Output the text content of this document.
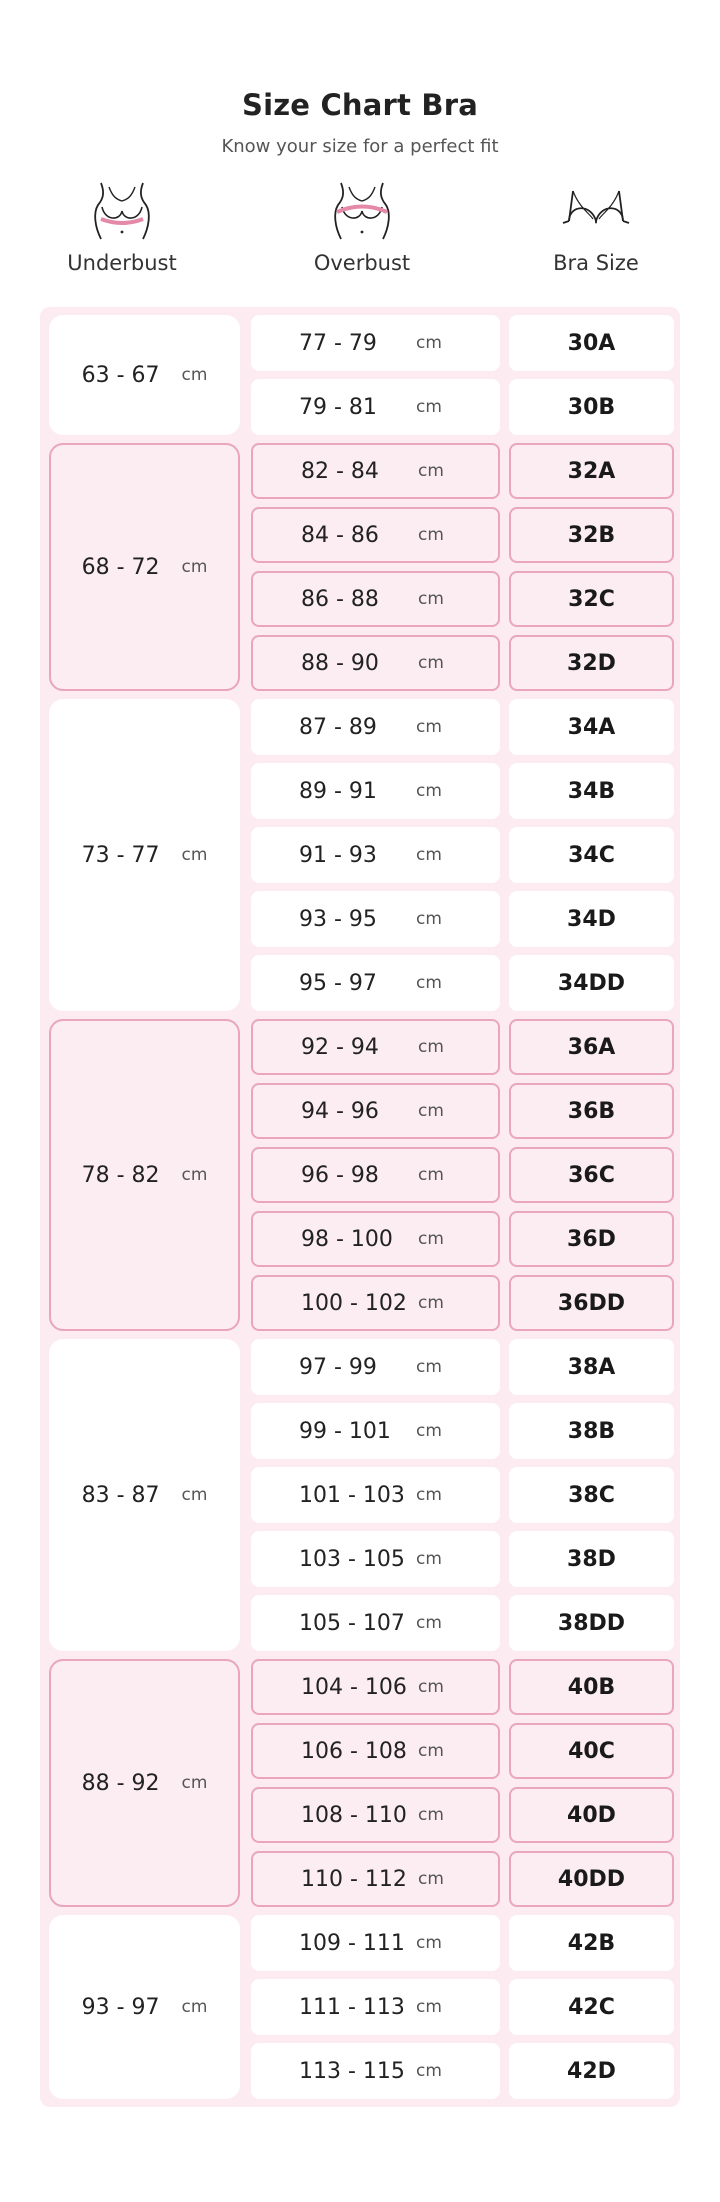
Size Chart Bra
Know your size for a perfect fit
Underbust	Overbust	Bra Size
63 - 67 cm
77 - 79 cm	30A
79 - 81 cm	30B
68 - 72 cm
82 - 84 cm	32A
84 - 86 cm	32B
86 - 88 cm	32C
88 - 90 cm	32D
73 - 77 cm
87 - 89 cm	34A
89 - 91 cm	34B
91 - 93 cm	34C
93 - 95 cm	34D
95 - 97 cm	34DD
78 - 82 cm
92 - 94 cm	36A
94 - 96 cm	36B
96 - 98 cm	36C
98 - 100 cm	36D
100 - 102 cm	36DD
83 - 87 cm
97 - 99 cm	38A
99 - 101 cm	38B
101 - 103 cm	38C
103 - 105 cm	38D
105 - 107 cm	38DD
88 - 92 cm
104 - 106 cm	40B
106 - 108 cm	40C
108 - 110 cm	40D
110 - 112 cm	40DD
93 - 97 cm
109 - 111 cm	42B
111 - 113 cm	42C
113 - 115 cm	42D
